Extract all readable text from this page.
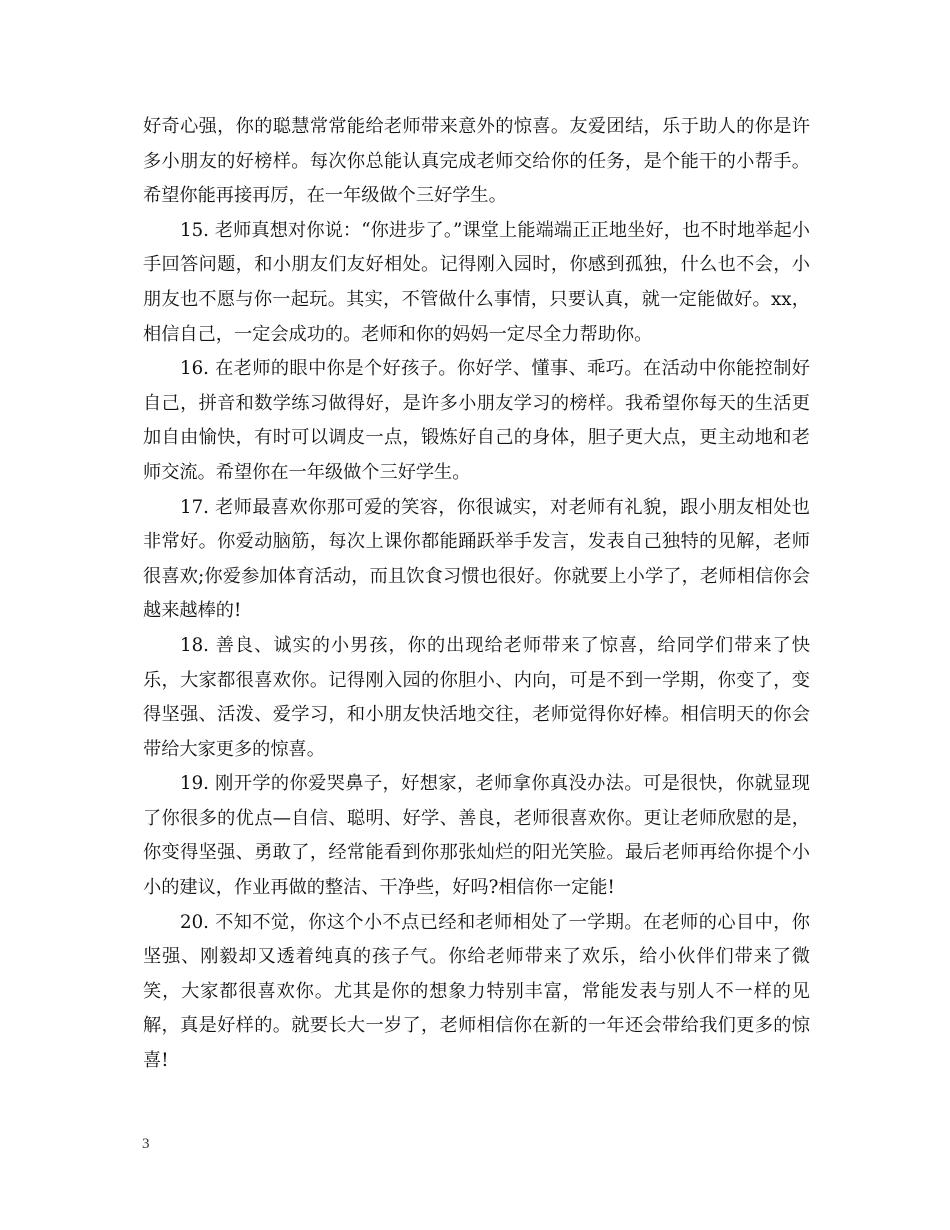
好奇心强，你的聪慧常常能给老师带来意外的惊喜。友爱团结，乐于助人的你是许多小朋友的好榜样。每次你总能认真完成老师交给你的任务，是个能干的小帮手。希望你能再接再厉，在一年级做个三好学生。

15. 老师真想对你说：“你进步了。”课堂上能端端正正地坐好，也不时地举起小手回答问题，和小朋友们友好相处。记得刚入园时，你感到孤独，什么也不会，小朋友也不愿与你一起玩。其实，不管做什么事情，只要认真，就一定能做好。xx，相信自己，一定会成功的。老师和你的妈妈一定尽全力帮助你。

16. 在老师的眼中你是个好孩子。你好学、懂事、乖巧。在活动中你能控制好自己，拼音和数学练习做得好，是许多小朋友学习的榜样。我希望你每天的生活更加自由愉快，有时可以调皮一点，锻炼好自己的身体，胆子更大点，更主动地和老师交流。希望你在一年级做个三好学生。

17. 老师最喜欢你那可爱的笑容，你很诚实，对老师有礼貌，跟小朋友相处也非常好。你爱动脑筋，每次上课你都能踊跃举手发言，发表自己独特的见解，老师很喜欢;你爱参加体育活动，而且饮食习惯也很好。你就要上小学了，老师相信你会越来越棒的!

18. 善良、诚实的小男孩，你的出现给老师带来了惊喜，给同学们带来了快乐，大家都很喜欢你。记得刚入园的你胆小、内向，可是不到一学期，你变了，变得坚强、活泼、爱学习，和小朋友快活地交往，老师觉得你好棒。相信明天的你会带给大家更多的惊喜。

19. 刚开学的你爱哭鼻子，好想家，老师拿你真没办法。可是很快，你就显现了你很多的优点—自信、聪明、好学、善良，老师很喜欢你。更让老师欣慰的是，你变得坚强、勇敢了，经常能看到你那张灿烂的阳光笑脸。最后老师再给你提个小小的建议，作业再做的整洁、干净些，好吗?相信你一定能!

20. 不知不觉，你这个小不点已经和老师相处了一学期。在老师的心目中，你坚强、刚毅却又透着纯真的孩子气。你给老师带来了欢乐，给小伙伴们带来了微笑，大家都很喜欢你。尤其是你的想象力特别丰富，常能发表与别人不一样的见解，真是好样的。就要长大一岁了，老师相信你在新的一年还会带给我们更多的惊喜!

3
